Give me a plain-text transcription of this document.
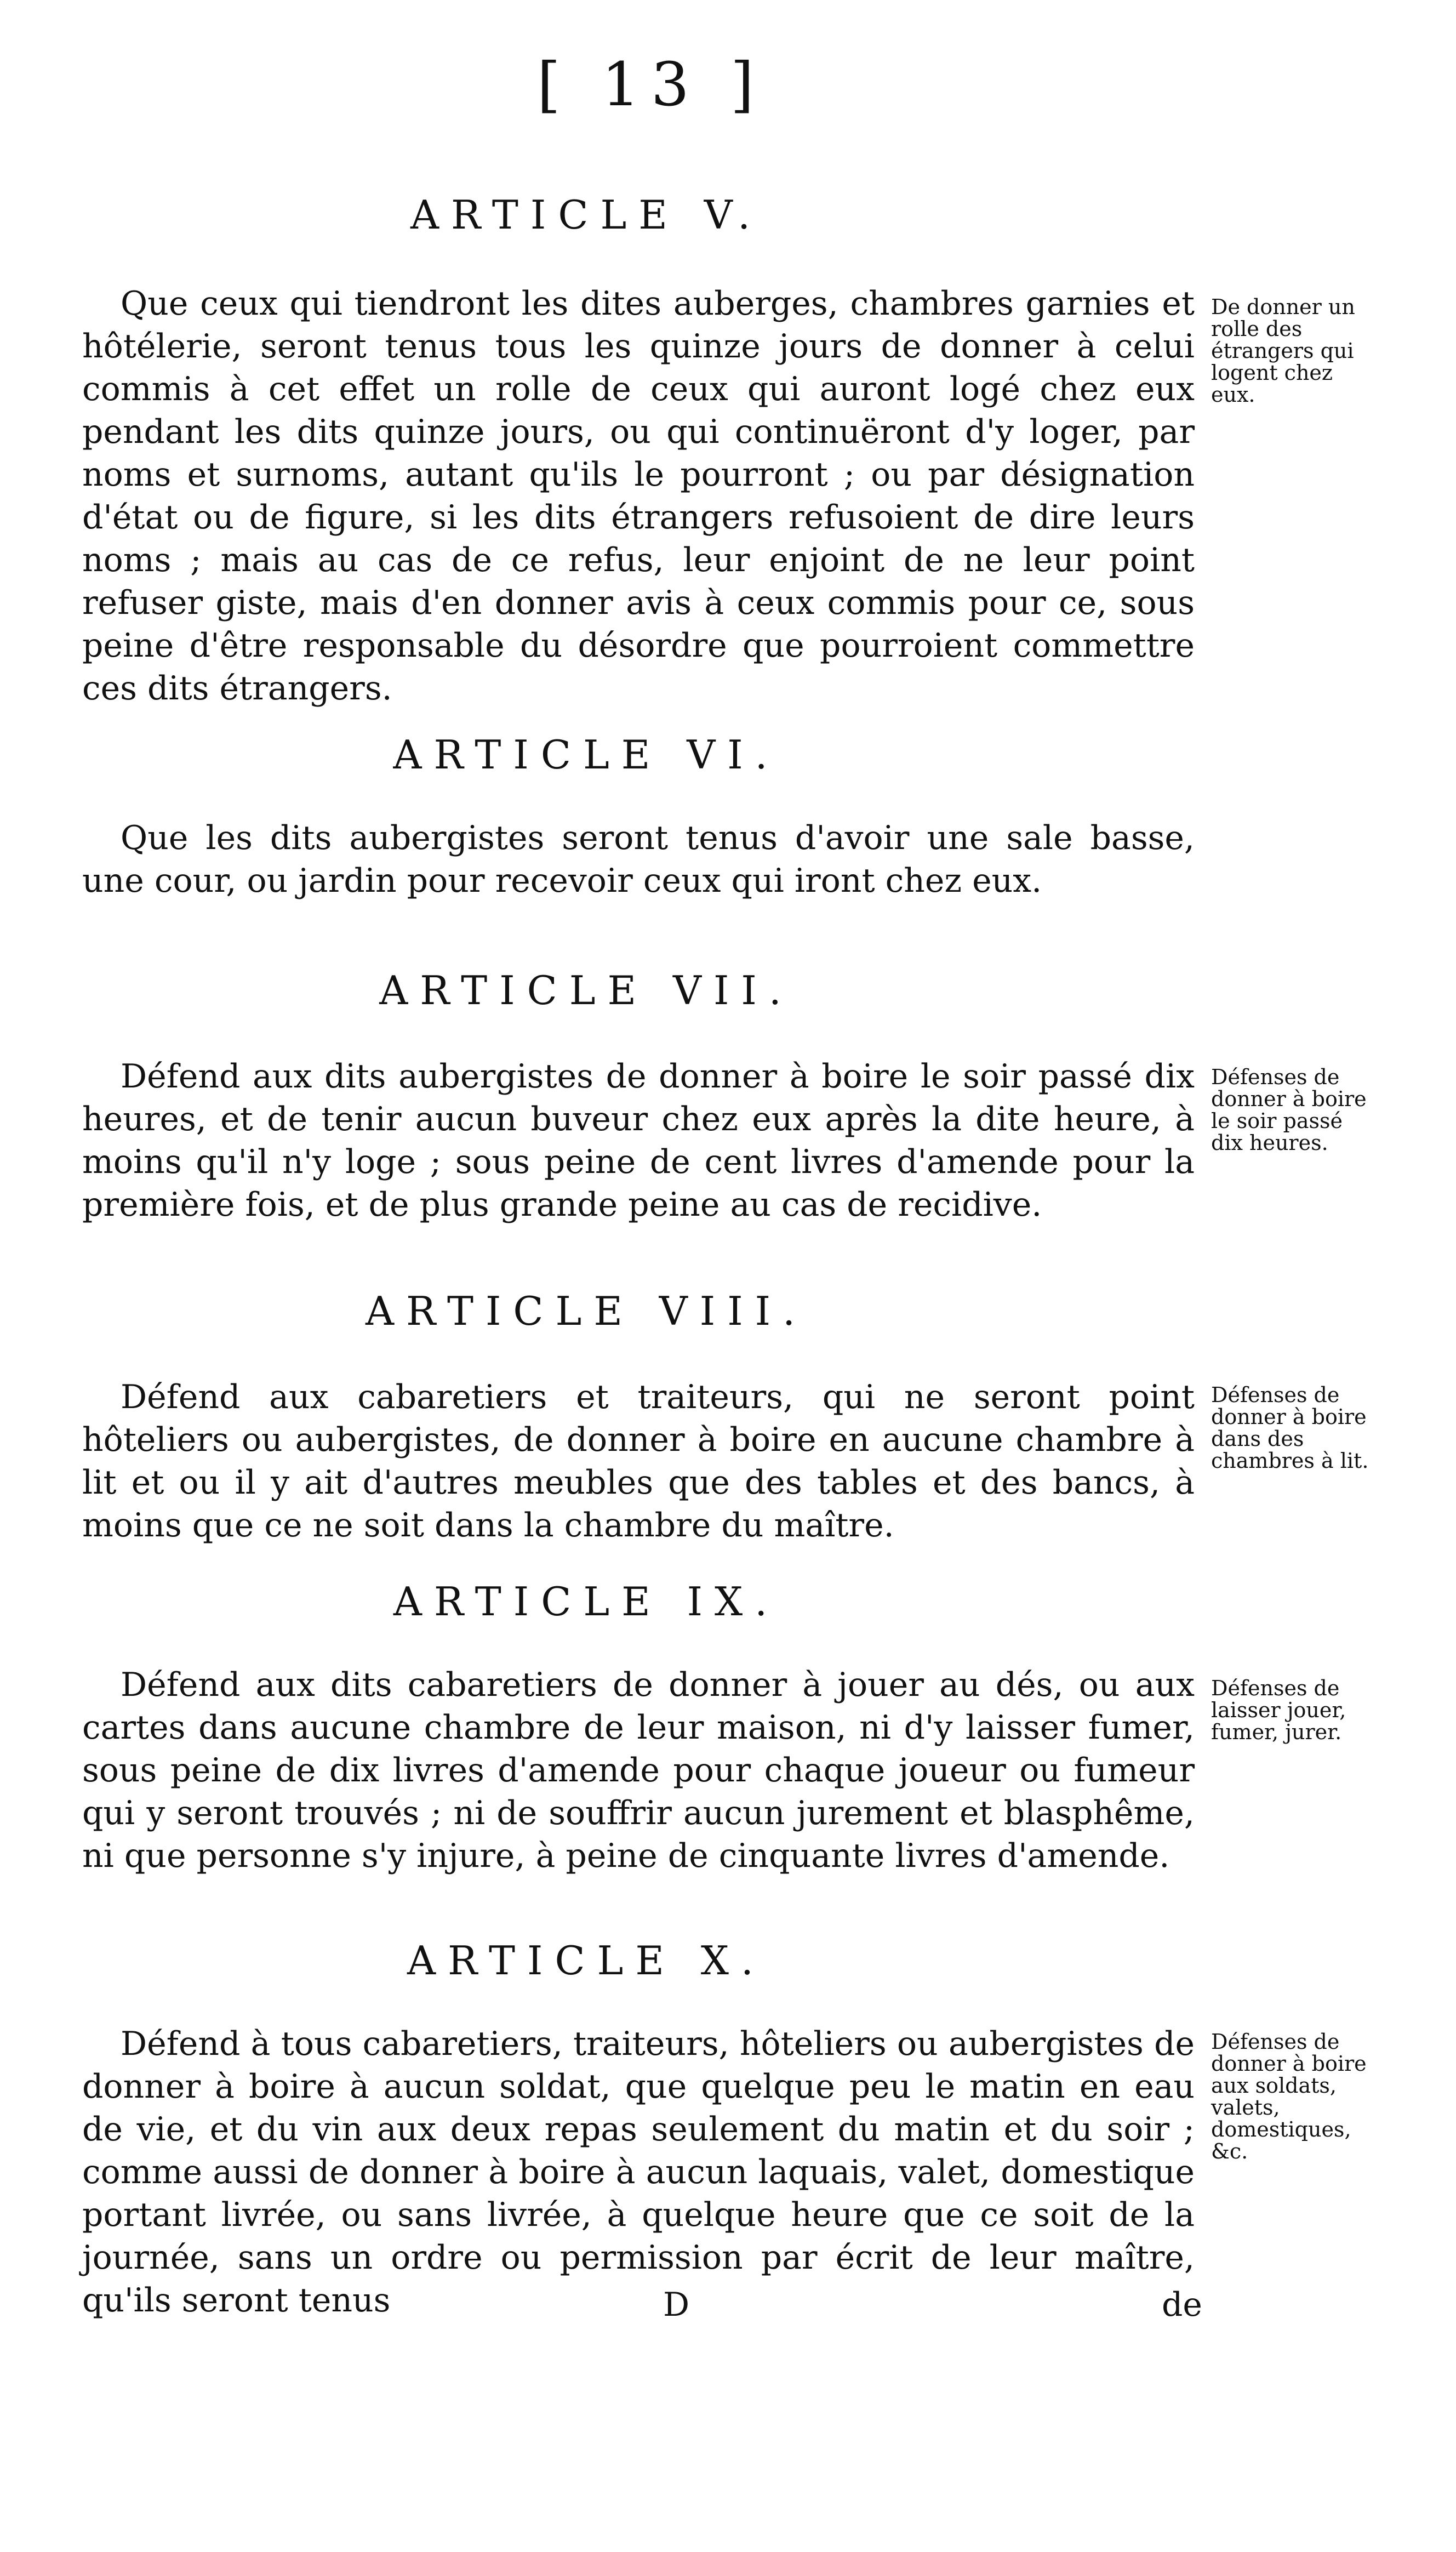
[ 13 ]
ARTICLE V.

Que ceux qui tiendront les dites auberges, chambres garnies et hôtélerie, seront tenus tous les quinze jours de donner à celui commis à cet effet un rolle de ceux qui auront logé chez eux pendant les dits quinze jours, ou qui continuëront d'y loger, par noms et surnoms, autant qu'ils le pourront ; ou par désignation d'état ou de figure, si les dits étrangers refusoient de dire leurs noms ; mais au cas de ce refus, leur enjoint de ne leur point refuser giste, mais d'en donner avis à ceux commis pour ce, sous peine d'être responsable du désordre que pourroient commettre ces dits étrangers.

De donner un rolle des étrangers qui logent chez eux.
ARTICLE VI.

Que les dits aubergistes seront tenus d'avoir une sale basse, une cour, ou jardin pour recevoir ceux qui iront chez eux.

ARTICLE VII.

Défend aux dits aubergistes de donner à boire le soir passé dix heures, et de tenir aucun buveur chez eux après la dite heure, à moins qu'il n'y loge ; sous peine de cent livres d'amende pour la première fois, et de plus grande peine au cas de recidive.

Défenses de donner à boire le soir passé dix heures.
ARTICLE VIII.

Défend aux cabaretiers et traiteurs, qui ne seront point hôteliers ou aubergistes, de donner à boire en aucune chambre à lit et ou il y ait d'autres meubles que des tables et des bancs, à moins que ce ne soit dans la chambre du maître.

Défenses de donner à boire dans des chambres à lit.
ARTICLE IX.

Défend aux dits cabaretiers de donner à jouer au dés, ou aux cartes dans aucune chambre de leur maison, ni d'y laisser fumer, sous peine de dix livres d'amende pour chaque joueur ou fumeur qui y seront trouvés ; ni de souffrir aucun jurement et blasphême, ni que personne s'y injure, à peine de cinquante livres d'amende.

Défenses de laisser jouer, fumer, jurer.
ARTICLE X.

Défend à tous cabaretiers, traiteurs, hôteliers ou aubergistes de donner à boire à aucun soldat, que quelque peu le matin en eau de vie, et du vin aux deux repas seulement du matin et du soir ; comme aussi de donner à boire à aucun laquais, valet, domestique portant livrée, ou sans livrée, à quelque heure que ce soit de la journée, sans un ordre ou permission par écrit de leur maître, qu'ils seront tenus

Défenses de donner à boire aux soldats, valets, domestiques, &c.
D	de
